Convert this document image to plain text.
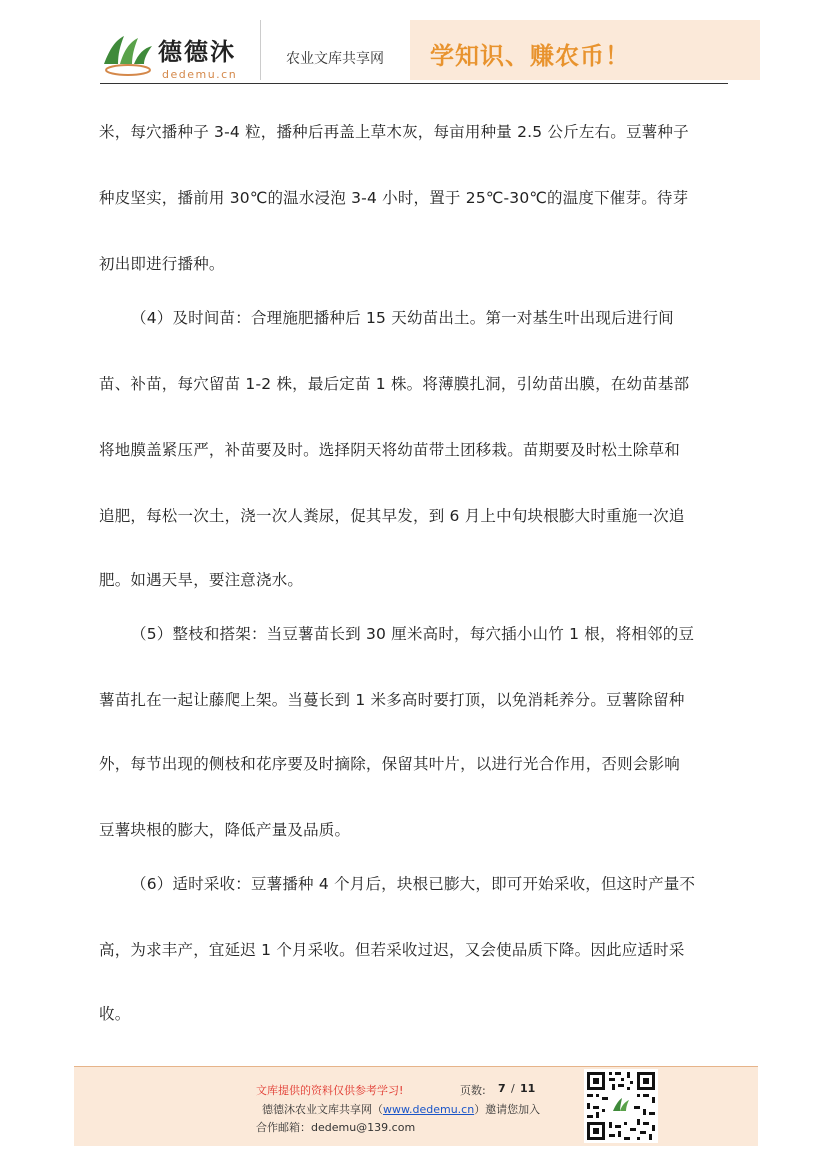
德德沐
dedemu.cn
农业文库共享网 学知识、赚农币！
米，每穴播种子 3-4 粒，播种后再盖上草木灰，每亩用种量 2.5 公斤左右。豆薯种子
种皮坚实，播前用 30℃的温水浸泡 3-4 小时，置于 25℃-30℃的温度下催芽。待芽
初出即进行播种。
（4）及时间苗：合理施肥播种后 15 天幼苗出土。第一对基生叶出现后进行间
苗、补苗，每穴留苗 1-2 株，最后定苗 1 株。将薄膜扎洞，引幼苗出膜，在幼苗基部
将地膜盖紧压严，补苗要及时。选择阴天将幼苗带土团移栽。苗期要及时松土除草和
追肥，每松一次土，浇一次人粪尿，促其早发，到 6 月上中旬块根膨大时重施一次追
肥。如遇天旱，要注意浇水。
（5）整枝和搭架：当豆薯苗长到 30 厘米高时，每穴插小山竹 1 根，将相邻的豆
薯苗扎在一起让藤爬上架。当蔓长到 1 米多高时要打顶，以免消耗养分。豆薯除留种
外，每节出现的侧枝和花序要及时摘除，保留其叶片，以进行光合作用，否则会影响
豆薯块根的膨大，降低产量及品质。
（6）适时采收：豆薯播种 4 个月后，块根已膨大，即可开始采收，但这时产量不
高，为求丰产，宜延迟 1 个月采收。但若采收过迟，又会使品质下降。因此应适时采
收。
文库提供的资料仅供参考学习!	页数: 7 / 11
德德沐农业文库共享网（www.dedemu.cn）邀请您加入
合作邮箱：dedemu@139.com
